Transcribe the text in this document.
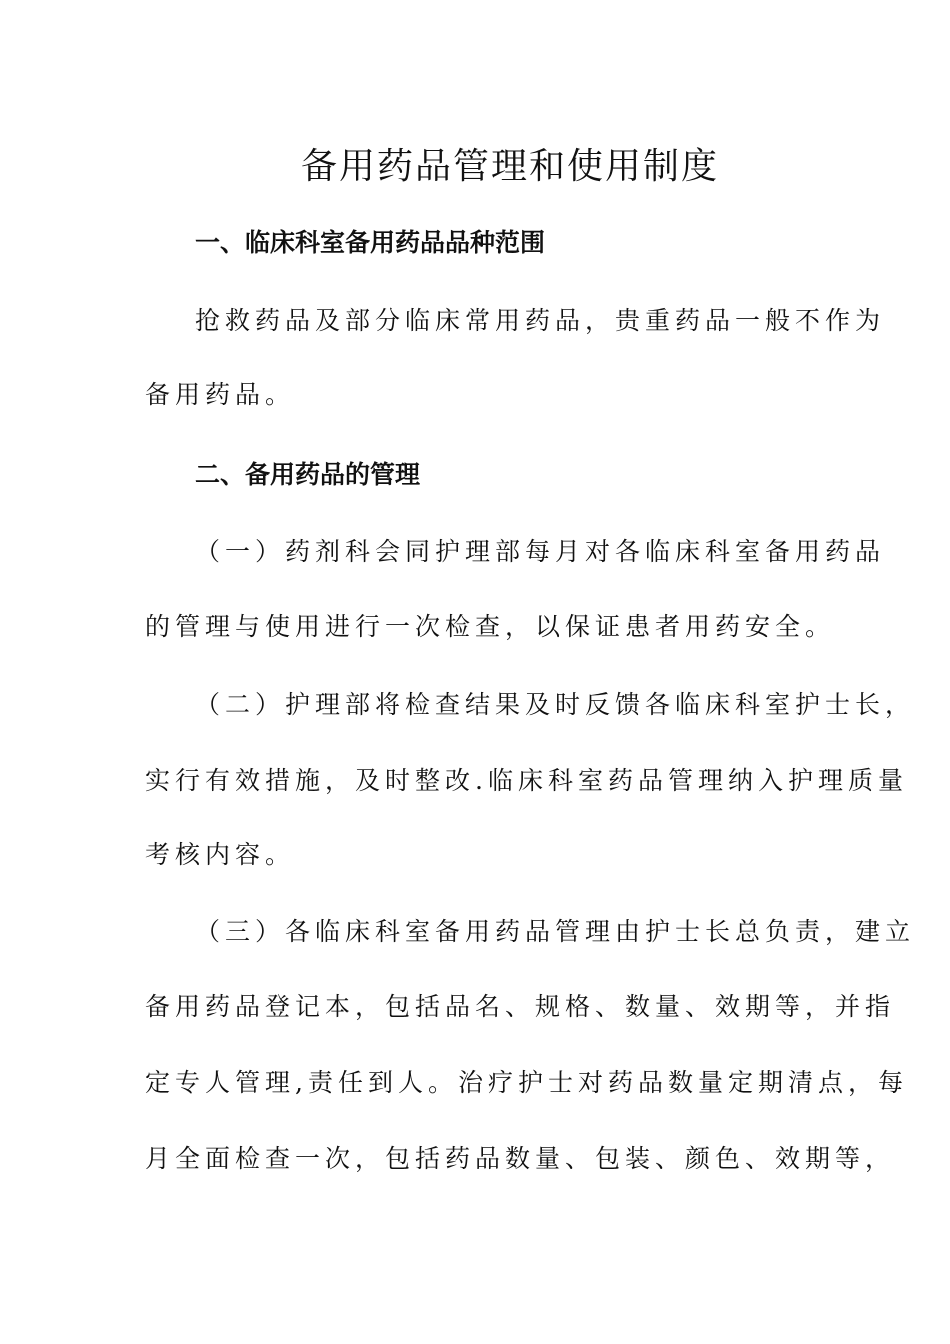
备用药品管理和使用制度
一、临床科室备用药品品种范围
抢救药品及部分临床常用药品，贵重药品一般不作为
备用药品。
二、备用药品的管理
（一）药剂科会同护理部每月对各临床科室备用药品
的管理与使用进行一次检查，以保证患者用药安全。
（二）护理部将检查结果及时反馈各临床科室护士长，
实行有效措施，及时整改.临床科室药品管理纳入护理质量
考核内容。
（三）各临床科室备用药品管理由护士长总负责，建立
备用药品登记本，包括品名、规格、数量、效期等，并指
定专人管理,责任到人。治疗护士对药品数量定期清点，每
月全面检查一次，包括药品数量、包装、颜色、效期等，
